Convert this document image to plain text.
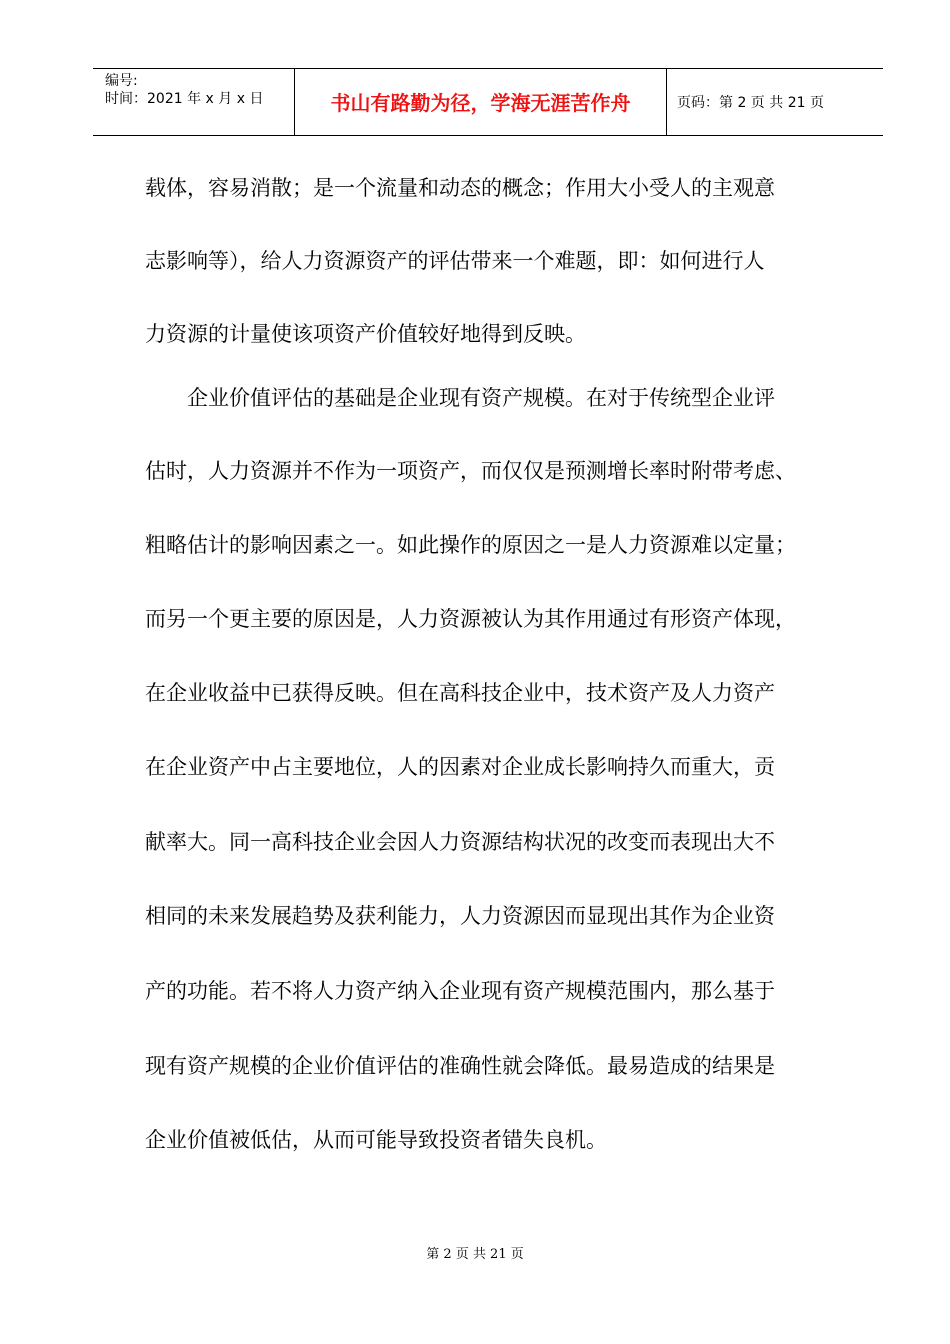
编号:
时间：2021 年 x 月 x 日	书山有路勤为径，学海无涯苦作舟	页码：第 2 页 共 21 页
载体，容易消散；是一个流量和动态的概念；作用大小受人的主观意
志影响等），给人力资源资产的评估带来一个难题，即：如何进行人
力资源的计量使该项资产价值较好地得到反映。
　　企业价值评估的基础是企业现有资产规模。在对于传统型企业评
估时，人力资源并不作为一项资产，而仅仅是预测增长率时附带考虑、
粗略估计的影响因素之一。如此操作的原因之一是人力资源难以定量；
而另一个更主要的原因是，人力资源被认为其作用通过有形资产体现，
在企业收益中已获得反映。但在高科技企业中，技术资产及人力资产
在企业资产中占主要地位，人的因素对企业成长影响持久而重大，贡
献率大。同一高科技企业会因人力资源结构状况的改变而表现出大不
相同的未来发展趋势及获利能力，人力资源因而显现出其作为企业资
产的功能。若不将人力资产纳入企业现有资产规模范围内，那么基于
现有资产规模的企业价值评估的准确性就会降低。最易造成的结果是
企业价值被低估，从而可能导致投资者错失良机。
第 2 页 共 21 页
